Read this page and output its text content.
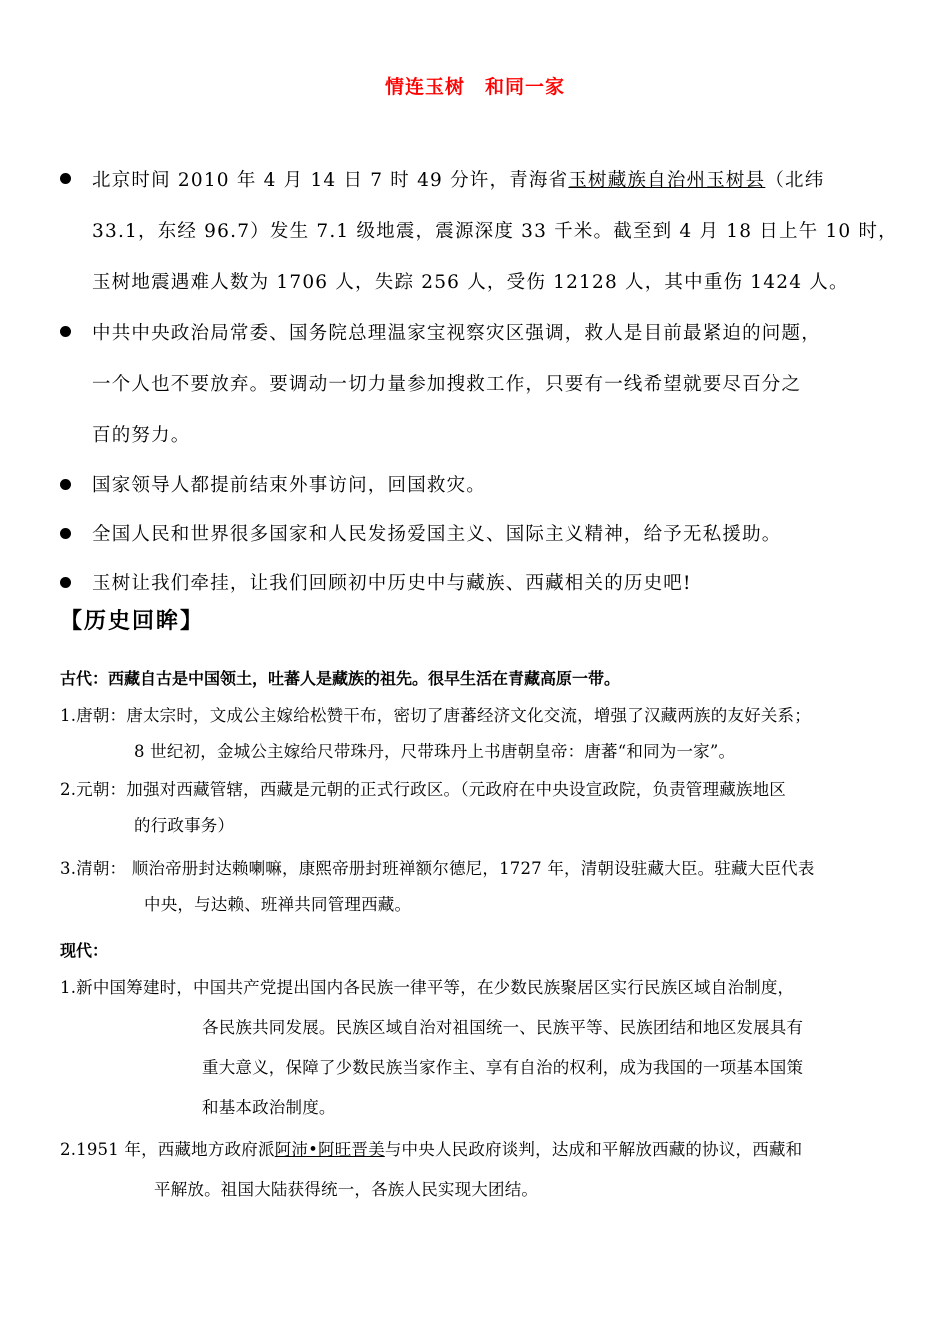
情连玉树　和同一家
北京时间 2010 年 4 月 14 日 7 时 49 分许，青海省玉树藏族自治州玉树县（北纬
33.1，东经 96.7）发生 7.1 级地震，震源深度 33 千米。截至到 4 月 18 日上午 10 时，
玉树地震遇难人数为 1706 人，失踪 256 人，受伤 12128 人，其中重伤 1424 人。
中共中央政治局常委、国务院总理温家宝视察灾区强调，救人是目前最紧迫的问题，
一个人也不要放弃。要调动一切力量参加搜救工作，只要有一线希望就要尽百分之
百的努力。
国家领导人都提前结束外事访问，回国救灾。
全国人民和世界很多国家和人民发扬爱国主义、国际主义精神，给予无私援助。
玉树让我们牵挂，让我们回顾初中历史中与藏族、西藏相关的历史吧!
【历史回眸】
古代：西藏自古是中国领土，吐蕃人是藏族的祖先。很早生活在青藏高原一带。
1.唐朝：唐太宗时，文成公主嫁给松赞干布，密切了唐蕃经济文化交流，增强了汉藏两族的友好关系；
8 世纪初，金城公主嫁给尺带珠丹，尺带珠丹上书唐朝皇帝：唐蕃“和同为一家”。
2.元朝：加强对西藏管辖，西藏是元朝的正式行政区。（元政府在中央设宣政院，负责管理藏族地区
的行政事务）
3.清朝： 顺治帝册封达赖喇嘛，康熙帝册封班禅额尔德尼，1727 年，清朝设驻藏大臣。驻藏大臣代表
中央，与达赖、班禅共同管理西藏。
现代：
1.新中国筹建时，中国共产党提出国内各民族一律平等，在少数民族聚居区实行民族区域自治制度，
各民族共同发展。民族区域自治对祖国统一、民族平等、民族团结和地区发展具有
重大意义，保障了少数民族当家作主、享有自治的权利，成为我国的一项基本国策
和基本政治制度。
2.1951 年，西藏地方政府派阿沛•阿旺晋美与中央人民政府谈判，达成和平解放西藏的协议，西藏和
平解放。祖国大陆获得统一，各族人民实现大团结。
